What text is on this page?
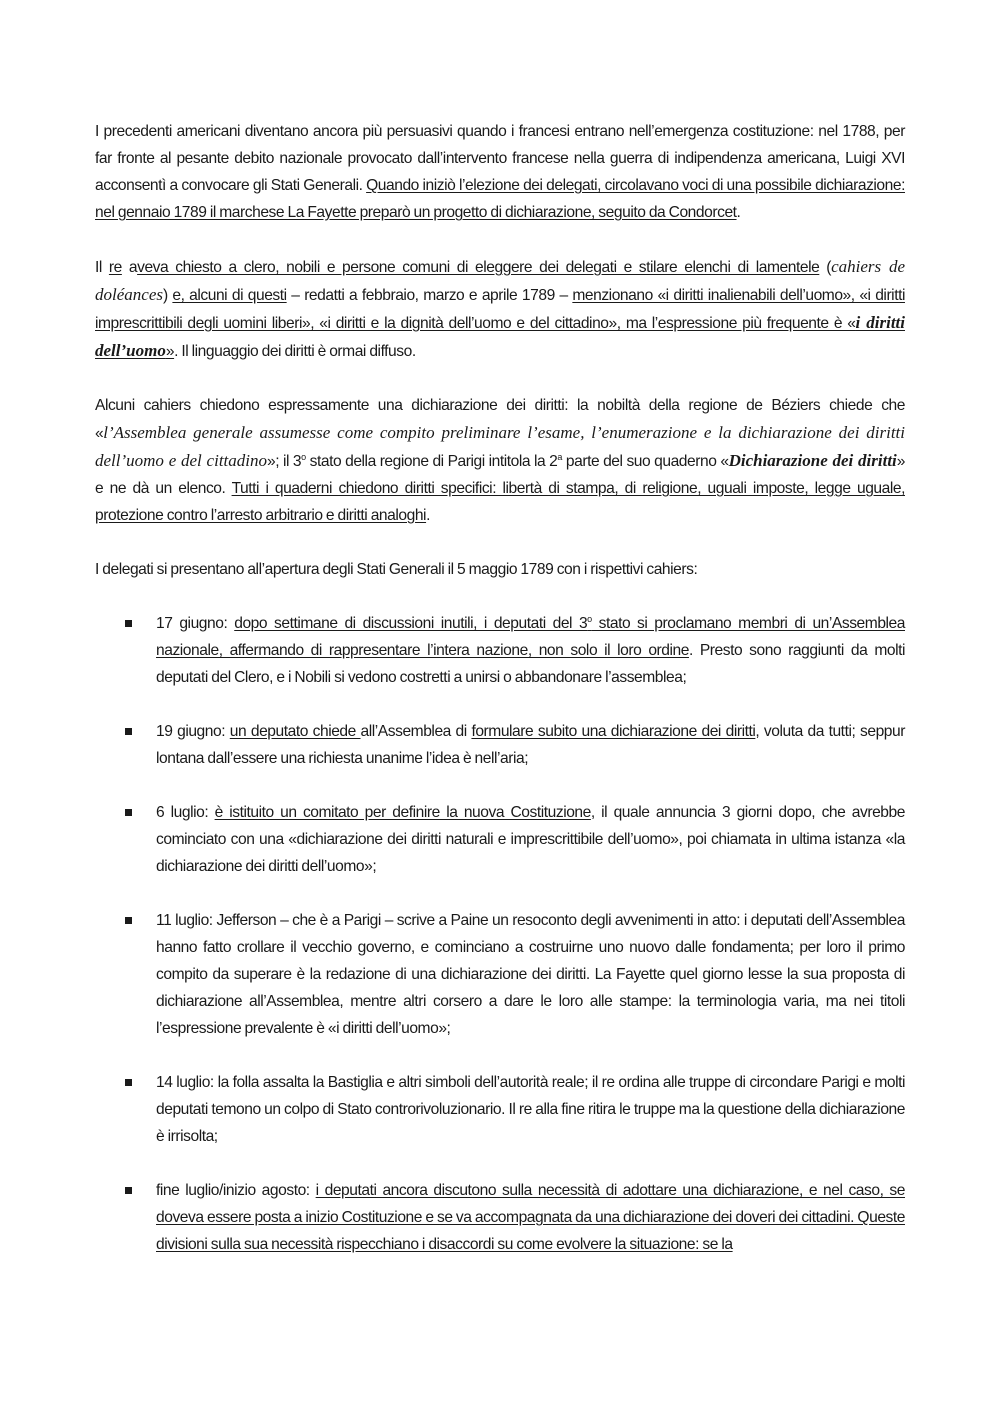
I precedenti americani diventano ancora più persuasivi quando i francesi entrano nell’emergenza costituzione: nel 1788, per far fronte al pesante debito nazionale provocato dall’intervento francese nella guerra di indipendenza americana, Luigi XVI acconsentì a convocare gli Stati Generali. Quando iniziò l’elezione dei delegati, circolavano voci di una possibile dichiarazione: nel gennaio 1789 il marchese La Fayette preparò un progetto di dichiarazione, seguito da Condorcet.

Il re aveva chiesto a clero, nobili e persone comuni di eleggere dei delegati e stilare elenchi di lamentele (cahiers de doléances) e, alcuni di questi – redatti a febbraio, marzo e aprile 1789 – menzionano «i diritti inalienabili dell’uomo», «i diritti imprescrittibili degli uomini liberi», «i diritti e la dignità dell’uomo e del cittadino», ma l’espressione più frequente è «i diritti dell’uomo». Il linguaggio dei diritti è ormai diffuso.

Alcuni cahiers chiedono espressamente una dichiarazione dei diritti: la nobiltà della regione de Béziers chiede che «l’Assemblea generale assumesse come compito preliminare l’esame, l’enumerazione e la dichiarazione dei diritti dell’uomo e del cittadino»; il 3$^o$ stato della regione di Parigi intitola la 2$^a$ parte del suo quaderno «Dichiarazione dei diritti» e ne dà un elenco. Tutti i quaderni chiedono diritti specifici: libertà di stampa, di religione, uguali imposte, legge uguale, protezione contro l’arresto arbitrario e diritti analoghi.

I delegati si presentano all’apertura degli Stati Generali il 5 maggio 1789 con i rispettivi cahiers:

17 giugno: dopo settimane di discussioni inutili, i deputati del 3$^o$ stato si proclamano membri di un’Assemblea nazionale, affermando di rappresentare l’intera nazione, non solo il loro ordine. Presto sono raggiunti da molti deputati del Clero, e i Nobili si vedono costretti a unirsi o abbandonare l’assemblea;
19 giugno: un deputato chiede all’Assemblea di formulare subito una dichiarazione dei diritti, voluta da tutti; seppur lontana dall’essere una richiesta unanime l’idea è nell’aria;
6 luglio: è istituito un comitato per definire la nuova Costituzione, il quale annuncia 3 giorni dopo, che avrebbe cominciato con una «dichiarazione dei diritti naturali e imprescrittibile dell’uomo», poi chiamata in ultima istanza «la dichiarazione dei diritti dell’uomo»;
11 luglio: Jefferson – che è a Parigi – scrive a Paine un resoconto degli avvenimenti in atto: i deputati dell’Assemblea hanno fatto crollare il vecchio governo, e cominciano a costruirne uno nuovo dalle fondamenta; per loro il primo compito da superare è la redazione di una dichiarazione dei diritti. La Fayette quel giorno lesse la sua proposta di dichiarazione all’Assemblea, mentre altri corsero a dare le loro alle stampe: la terminologia varia, ma nei titoli l’espressione prevalente è «i diritti dell’uomo»;
14 luglio: la folla assalta la Bastiglia e altri simboli dell’autorità reale; il re ordina alle truppe di circondare Parigi e molti deputati temono un colpo di Stato controrivoluzionario. Il re alla fine ritira le truppe ma la questione della dichiarazione è irrisolta;
fine luglio/inizio agosto: i deputati ancora discutono sulla necessità di adottare una dichiarazione, e nel caso, se doveva essere posta a inizio Costituzione e se va accompagnata da una dichiarazione dei doveri dei cittadini. Queste divisioni sulla sua necessità rispecchiano i disaccordi su come evolvere la situazione: se la
